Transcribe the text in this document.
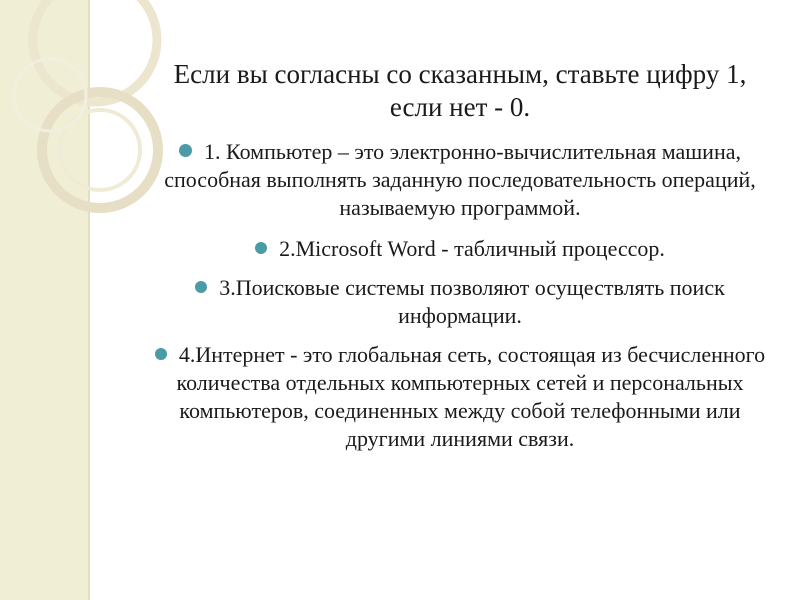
Если вы согласны со сказанным, ставьте цифру 1, если нет - 0.
1. Компьютер – это электронно-вычислительная машина, способная выполнять заданную последовательность операций, называемую программой.
2.Microsoft Word - табличный процессор.
3.Поисковые системы позволяют осуществлять поиск информации.
4.Интернет - это глобальная сеть, состоящая из бесчисленного количества отдельных компьютерных сетей и персональных компьютеров, соединенных между собой телефонными или другими линиями связи.
